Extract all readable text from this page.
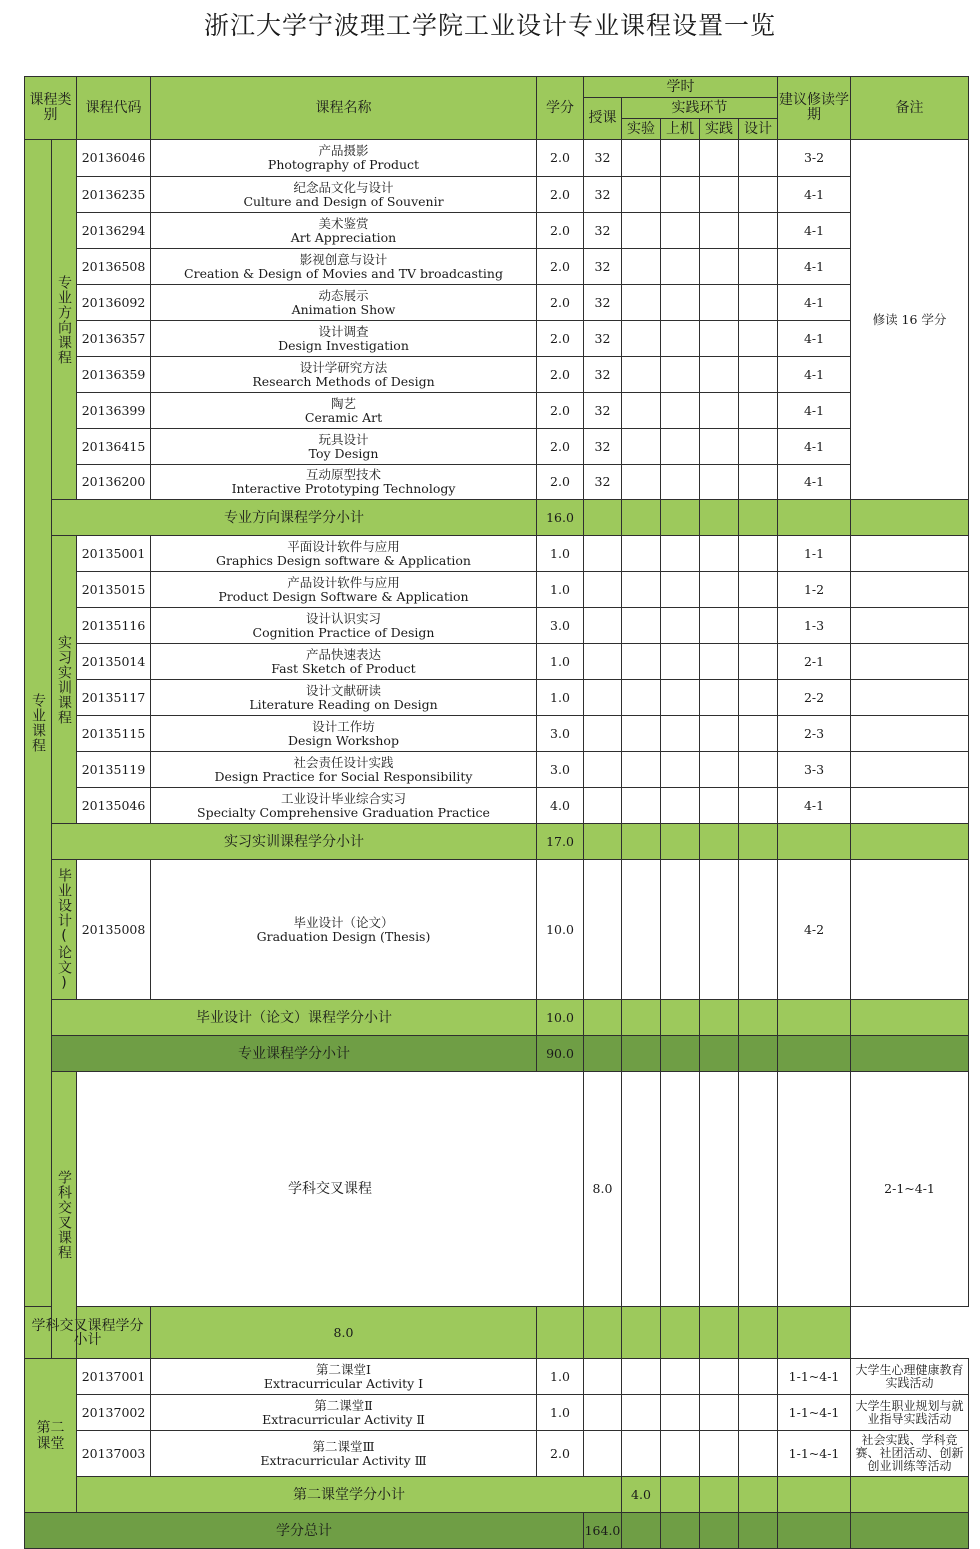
浙江大学宁波理工学院工业设计专业课程设置一览
课程类别		课程代码	课程名称	学分	学时					建议修读学期	备注	
					授课	实践环节						
						实验	上机	实践	设计			
专业课程	专业方向课程	20136046	产品摄影
Photography of Product	2.0	32					3-2	修读 16 学分	
		20136235	纪念品文化与设计
Culture and Design of Souvenir	2.0	32					4-1		
		20136294	美术鉴赏
Art Appreciation	2.0	32					4-1		
		20136508	影视创意与设计
Creation & Design of Movies and TV broadcasting	2.0	32					4-1		
		20136092	动态展示
Animation Show	2.0	32					4-1		
		20136357	设计调查
Design Investigation	2.0	32					4-1		
		20136359	设计学研究方法
Research Methods of Design	2.0	32					4-1		
		20136399	陶艺
Ceramic Art	2.0	32					4-1		
		20136415	玩具设计
Toy Design	2.0	32					4-1		
		20136200	互动原型技术
Interactive Prototyping Technology	2.0	32					4-1		
	专业方向课程学分小计			16.0								
	实习实训课程	20135001	平面设计软件与应用
Graphics Design software & Application	1.0						1-1		
		20135015	产品设计软件与应用
Product Design Software & Application	1.0						1-2		
		20135116	设计认识实习
Cognition Practice of Design	3.0						1-3		
		20135014	产品快速表达
Fast Sketch of Product	1.0						2-1		
		20135117	设计文献研读
Literature Reading on Design	1.0						2-2		
		20135115	设计工作坊
Design Workshop	3.0						2-3		
		20135119	社会责任设计实践
Design Practice for Social Responsibility	3.0						3-3		
		20135046	工业设计毕业综合实习
Specialty Comprehensive Graduation Practice	4.0						4-1		
	实习实训课程学分小计			17.0								
	毕业设计(论文)	20135008	毕业设计（论文）
Graduation Design (Thesis)	10.0						4-2		
	毕业设计（论文）课程学分小计			10.0								
	专业课程学分小计			90.0								
	学科交叉课程	学科交叉课程			8.0						2-1~4-1	
学科交叉课程学分小计			8.0									
第二课堂		20137001	第二课堂Ⅰ
Extracurricular Activity Ⅰ	1.0						1-1~4-1	大学生心理健康教育实践活动	
		20137002	第二课堂Ⅱ
Extracurricular Activity Ⅱ	1.0						1-1~4-1	大学生职业规划与就业指导实践活动	
		20137003	第二课堂Ⅲ
Extracurricular Activity Ⅲ	2.0						1-1~4-1	社会实践、学科竞赛、社团活动、创新创业训练等活动	
		第二课堂学分小计				4.0							
学分总计					164.0							
